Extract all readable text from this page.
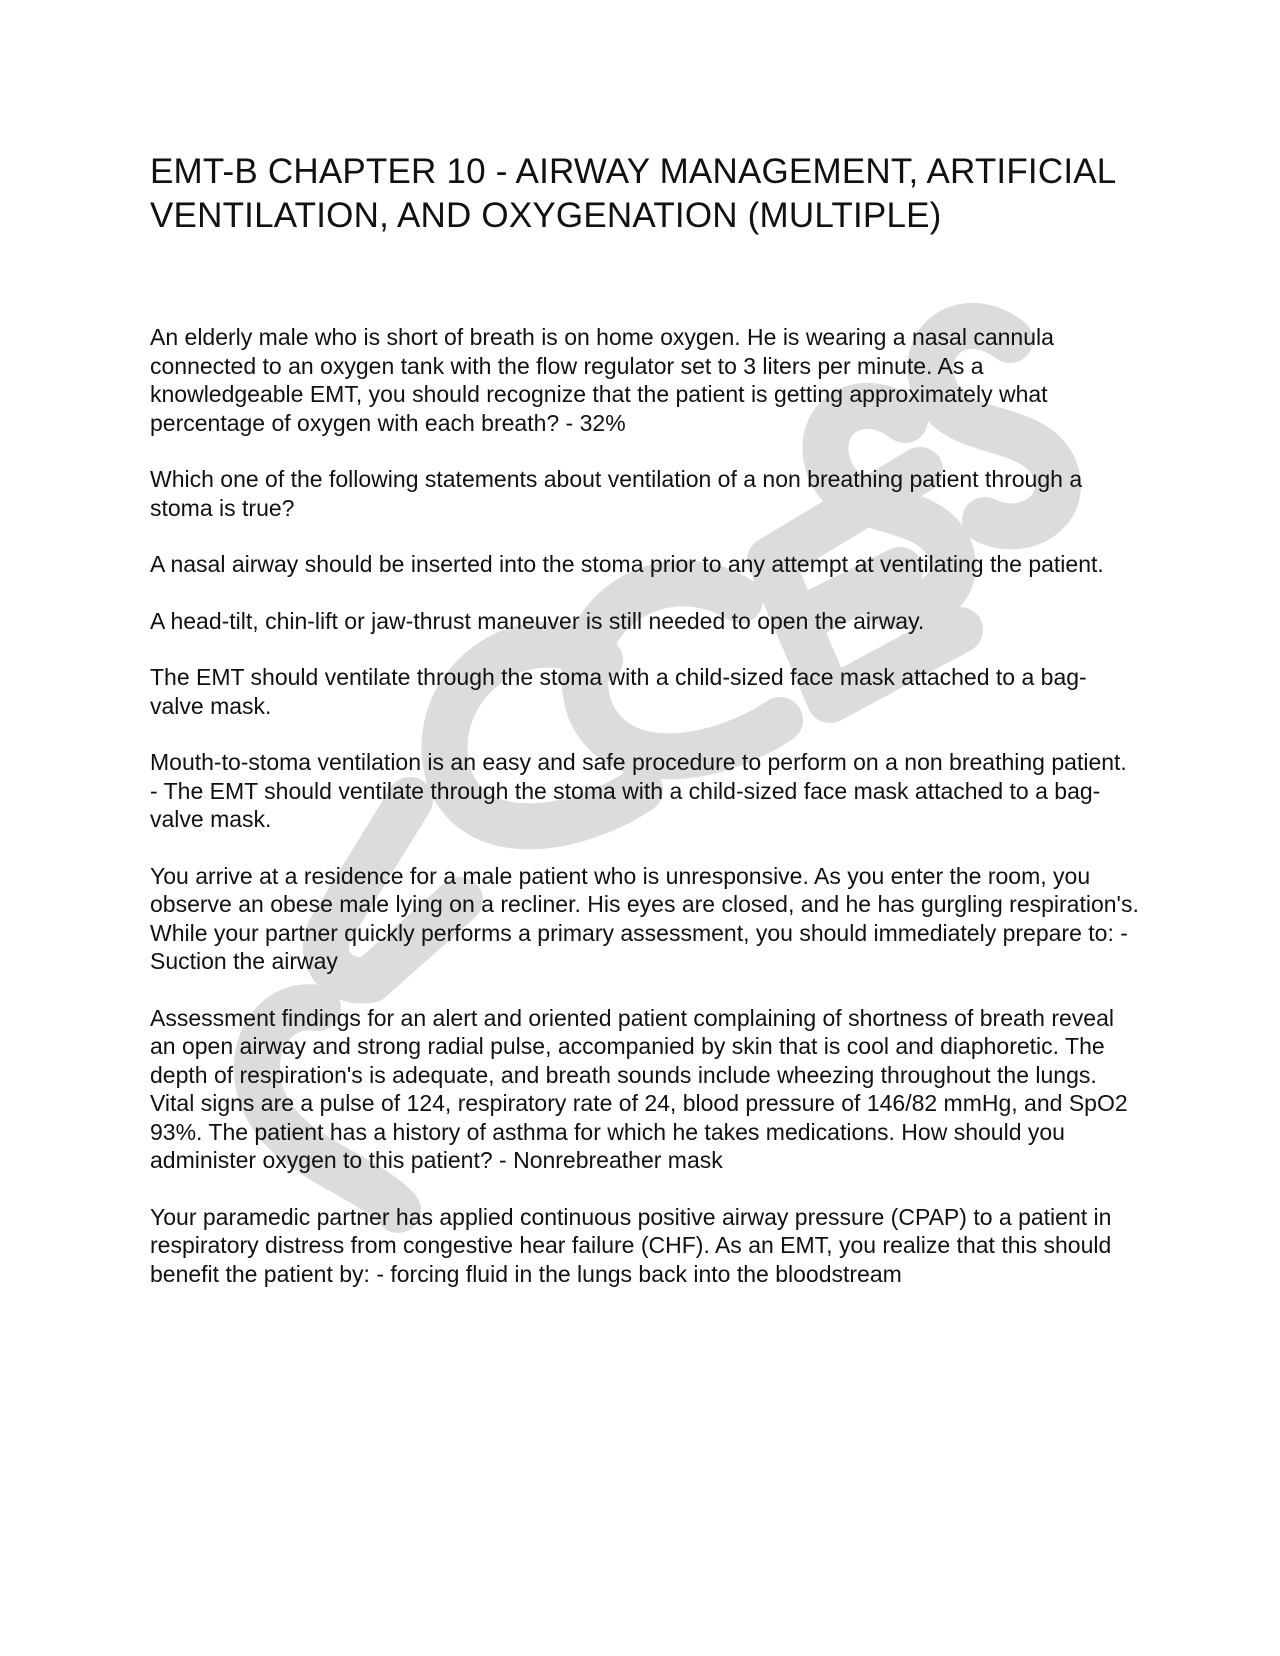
EMT-B CHAPTER 10 - AIRWAY MANAGEMENT, ARTIFICIAL VENTILATION, AND OXYGENATION (MULTIPLE)

An elderly male who is short of breath is on home oxygen. He is wearing a nasal cannula connected to an oxygen tank with the flow regulator set to 3 liters per minute. As a knowledgeable EMT, you should recognize that the patient is getting approximately what percentage of oxygen with each breath? - 32%

Which one of the following statements about ventilation of a non breathing patient through a stoma is true?

A nasal airway should be inserted into the stoma prior to any attempt at ventilating the patient.

A head-tilt, chin-lift or jaw-thrust maneuver is still needed to open the airway.

The EMT should ventilate through the stoma with a child-sized face mask attached to a bag-valve mask.

Mouth-to-stoma ventilation is an easy and safe procedure to perform on a non breathing patient. - The EMT should ventilate through the stoma with a child-sized face mask attached to a bag-valve mask.

You arrive at a residence for a male patient who is unresponsive. As you enter the room, you observe an obese male lying on a recliner. His eyes are closed, and he has gurgling respiration's. While your partner quickly performs a primary assessment, you should immediately prepare to: - Suction the airway

Assessment findings for an alert and oriented patient complaining of shortness of breath reveal an open airway and strong radial pulse, accompanied by skin that is cool and diaphoretic. The depth of respiration's is adequate, and breath sounds include wheezing throughout the lungs. Vital signs are a pulse of 124, respiratory rate of 24, blood pressure of 146/82 mmHg, and SpO2 93%. The patient has a history of asthma for which he takes medications. How should you administer oxygen to this patient? - Nonrebreather mask

Your paramedic partner has applied continuous positive airway pressure (CPAP) to a patient in respiratory distress from congestive hear failure (CHF). As an EMT, you realize that this should benefit the patient by: - forcing fluid in the lungs back into the bloodstream
